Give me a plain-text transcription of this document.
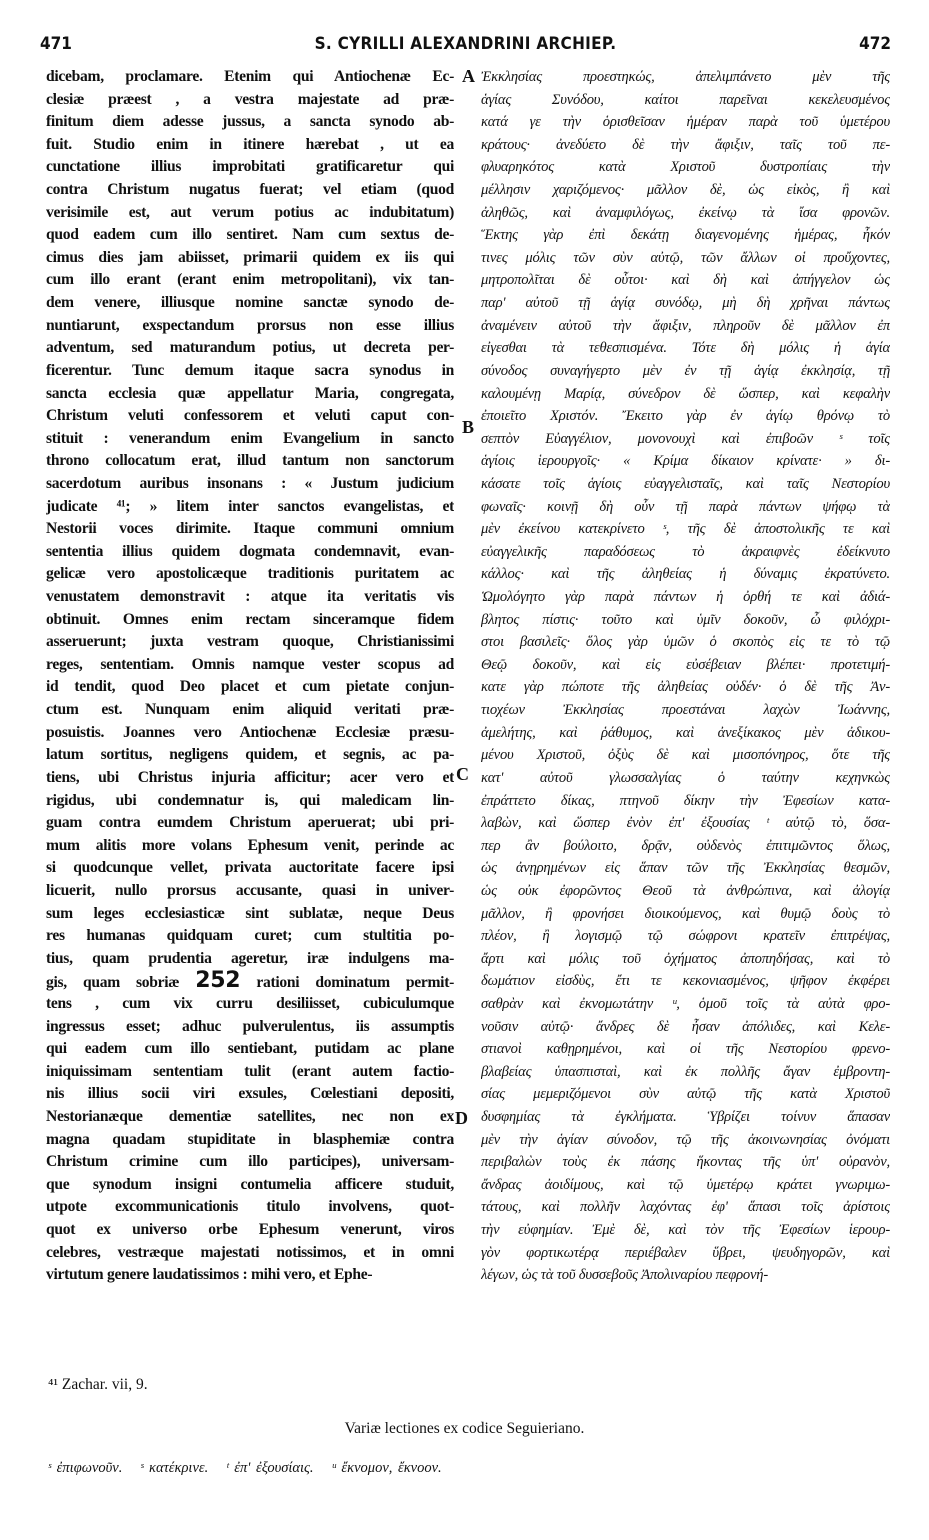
471	S. CYRILLI ALEXANDRINI ARCHIEP.	472
dicebam, proclamare. Etenim qui Antiochenæ Ec-
clesiæ præest , a vestra majestate ad præ-
finitum diem adesse jussus, a sancta synodo ab-
fuit. Studio enim in itinere hærebat , ut ea
cunctatione illius improbitati gratificaretur qui
contra Christum nugatus fuerat; vel etiam (quod
verisimile est, aut verum potius ac indubitatum)
quod eadem cum illo sentiret. Nam cum sextus de-
cimus dies jam abiisset, primarii quidem ex iis qui
cum illo erant (erant enim metropolitani), vix tan-
dem venere, illiusque nomine sanctæ synodo de-
nuntiarunt, exspectandum prorsus non esse illius
adventum, sed maturandum potius, ut decreta per-
ficerentur. Tunc demum itaque sacra synodus in
sancta ecclesia quæ appellatur Maria, congregata,
Christum veluti confessorem et veluti caput con-
stituit : venerandum enim Evangelium in sancto
throno collocatum erat, illud tantum non sanctorum
sacerdotum auribus insonans : « Justum judicium
judicate ⁴¹; » litem inter sanctos evangelistas, et
Nestorii voces dirimite. Itaque communi omnium
sententia illius quidem dogmata condemnavit, evan-
gelicæ vero apostolicæque traditionis puritatem ac
venustatem demonstravit : atque ita veritatis vis
obtinuit. Omnes enim rectam sinceramque fidem
asseruerunt; juxta vestram quoque, Christianissimi
reges, sententiam. Omnis namque vester scopus ad
id tendit, quod Deo placet et cum pietate conjun-
ctum est. Nunquam enim aliquid veritati præ-
posuistis. Joannes vero Antiochenæ Ecclesiæ præsu-
latum sortitus, negligens quidem, et segnis, ac pa-
tiens, ubi Christus injuria afficitur; acer vero et
rigidus, ubi condemnatur is, qui maledicam lin-
guam contra eumdem Christum aperuerat; ubi pri-
mum alitis more volans Ephesum venit, perinde ac
si quodcunque vellet, privata auctoritate facere ipsi
licuerit, nullo prorsus accusante, quasi in univer-
sum leges ecclesiasticæ sint sublatæ, neque Deus
res humanas quidquam curet; cum stultitia po-
tius, quam prudentia ageretur, iræ indulgens ma-
gis, quam sobriæ 252 rationi dominatum permit-
tens , cum vix curru desiliisset, cubiculumque
ingressus esset; adhuc pulverulentus, iis assumptis
qui eadem cum illo sentiebant, putidam ac plane
iniquissimam sententiam tulit (erant autem factio-
nis illius socii viri exsules, Cœlestiani depositi,
Nestorianæque dementiæ satellites, nec non ex
magna quadam stupiditate in blasphemiæ contra
Christum crimine cum illo participes), universam-
que synodum insigni contumelia afficere studuit,
utpote excommunicationis titulo involvens, quot-
quot ex universo orbe Ephesum venerunt, viros
celebres, vestræque majestati notissimos, et in omni
virtutum genere laudatissimos : mihi vero, et Ephe-
Ἐκκλησίας προεστηκώς, ἀπελιμπάνετο μὲν τῆς
ἁγίας Συνόδου, καίτοι παρεῖναι κεκελευσμένος
κατά γε τὴν ὁρισθεῖσαν ἡμέραν παρὰ τοῦ ὑμετέρου
κράτους· ἀνεδύετο δὲ τὴν ἄφιξιν, ταῖς τοῦ πε-
φλυαρηκότος κατὰ Χριστοῦ δυστροπίαις τὴν
μέλλησιν χαριζόμενος· μᾶλλον δὲ, ὡς εἰκὸς, ἢ καὶ
ἀληθῶς, καὶ ἀναμφιλόγως, ἐκείνῳ τὰ ἴσα φρονῶν.
Ἕκτης γὰρ ἐπὶ δεκάτῃ διαγενομένης ἡμέρας, ἦκόν
τινες μόλις τῶν σὺν αὐτῷ, τῶν ἄλλων οἱ προὔχοντες,
μητροπολῖται δὲ οὗτοι· καὶ δὴ καὶ ἀπήγγελον ὡς
παρ' αὐτοῦ τῇ ἁγίᾳ συνόδῳ, μὴ δὴ χρῆναι πάντως
ἀναμένειν αὐτοῦ τὴν ἄφιξιν, πληροῦν δὲ μᾶλλον ἐπ
εἰγεσθαι τὰ τεθεσπισμένα. Τότε δὴ μόλις ἡ ἁγία
σύνοδος συναγήγερτο μὲν ἐν τῇ ἁγίᾳ ἐκκλησίᾳ, τῇ
καλουμένῃ Μαρίᾳ, σύνεδρον δὲ ὥσπερ, καὶ κεφαλὴν
ἐποιεῖτο Χριστόν. Ἔκειτο γὰρ ἐν ἁγίῳ θρόνῳ τὸ
σεπτὸν Εὐαγγέλιον, μονονουχὶ καὶ ἐπιβοῶν ˢ τοῖς
ἁγίοις ἱερουργοῖς· « Κρίμα δίκαιον κρίνατε· » δι-
κάσατε τοῖς ἁγίοις εὐαγγελισταῖς, καὶ ταῖς Νεστορίου
φωναῖς· κοινῇ δὴ οὖν τῇ παρὰ πάντων ψήφῳ τὰ
μὲν ἐκείνου κατεκρίνετο ˢ, τῆς δὲ ἀποστολικῆς τε καὶ
εὐαγγελικῆς παραδόσεως τὸ ἀκραιφνὲς ἐδείκνυτο
κάλλος· καὶ τῆς ἀληθείας ἡ δύναμις ἐκρατύνετο.
Ὡμολόγητο γὰρ παρὰ πάντων ἡ ὀρθή τε καὶ ἀδιά-
βλητος πίστις· τοῦτο καὶ ὑμῖν δοκοῦν, ὦ φιλόχρι-
στοι βασιλεῖς· ὅλος γὰρ ὑμῶν ὁ σκοπὸς εἰς τε τὸ τῷ
Θεῷ δοκοῦν, καὶ εἰς εὐσέβειαν βλέπει· προτετιμή-
κατε γὰρ πώποτε τῆς ἀληθείας οὐδέν· ὁ δὲ τῆς Ἀν-
τιοχέων Ἐκκλησίας προεστάναι λαχὼν Ἰωάννης,
ἀμελήτης, καὶ ῥάθυμος, καὶ ἀνεξίκακος μὲν ἀδικου-
μένου Χριστοῦ, ὀξὺς δὲ καὶ μισοπόνηρος, ὅτε τῆς
κατ' αὐτοῦ γλωσσαλγίας ὁ ταύτην κεχηνκὼς
ἐπράττετο δίκας, πτηνοῦ δίκην τὴν Ἐφεσίων κατα-
λαβὼν, καὶ ὥσπερ ἐνὸν ἐπ' ἐξουσίας ᵗ αὐτῷ τὸ, ὅσα-
περ ἂν βούλοιτο, δρᾷν, οὐδενὸς ἐπιτιμῶντος ὅλως,
ὡς ἀνῃρημένων εἰς ἅπαν τῶν τῆς Ἐκκλησίας θεσμῶν,
ὡς οὐκ ἐφορῶντος Θεοῦ τὰ ἀνθρώπινα, καὶ ἀλογίᾳ
μᾶλλον, ἢ φρονήσει διοικούμενος, καὶ θυμῷ δοὺς τὸ
πλέον, ἢ λογισμῷ τῷ σώφρονι κρατεῖν ἐπιτρέψας,
ἄρτι καὶ μόλις τοῦ ὀχήματος ἀποπηδήσας, καὶ τὸ
δωμάτιον εἰσδὺς, ἔτι τε κεκονιασμένος, ψῆφον ἐκφέρει
σαθρὰν καὶ ἐκνομωτάτην ᵘ, ὁμοῦ τοῖς τὰ αὐτὰ φρο-
νοῦσιν αὐτῷ· ἄνδρες δὲ ἦσαν ἀπόλιδες, καὶ Κελε-
στιανοὶ καθῃρημένοι, καὶ οἱ τῆς Νεστορίου φρενο-
βλαβείας ὑπασπισταὶ, καὶ ἐκ πολλῆς ἄγαν ἐμβροντη-
σίας μεμεριζόμενοι σὺν αὐτῷ τῆς κατὰ Χριστοῦ
δυσφημίας τὰ ἐγκλήματα. Ὑβρίζει τοίνυν ἅπασαν
μὲν τὴν ἁγίαν σύνοδον, τῷ τῆς ἀκοινωνησίας ὀνόματι
περιβαλὼν τοὺς ἐκ πάσης ἥκοντας τῆς ὑπ' οὐρανὸν,
ἄνδρας ἀοιδίμους, καὶ τῷ ὑμετέρῳ κράτει γνωριμω-
τάτους, καὶ πολλῆν λαχόντας ἐφ' ἅπασι τοῖς ἀρίστοις
τὴν εὐφημίαν. Ἐμὲ δὲ, καὶ τὸν τῆς Ἐφεσίων ἱερουρ-
γὸν φορτικωτέρᾳ περιέβαλεν ὕβρει, ψευδηγορῶν, καὶ
λέγων, ὡς τὰ τοῦ δυσσεβοῦς Ἀπολιναρίου πεφρονή-
A
B
C
D
⁴¹ Zachar. vii, 9.
Variæ lectiones ex codice Seguieriano.
ˢ ἐπιφωνοῦν. ˢ κατέκρινε. ᵗ ἐπ' ἐξουσίαις. ᵘ ἔκνομον, ἔκνοον.
